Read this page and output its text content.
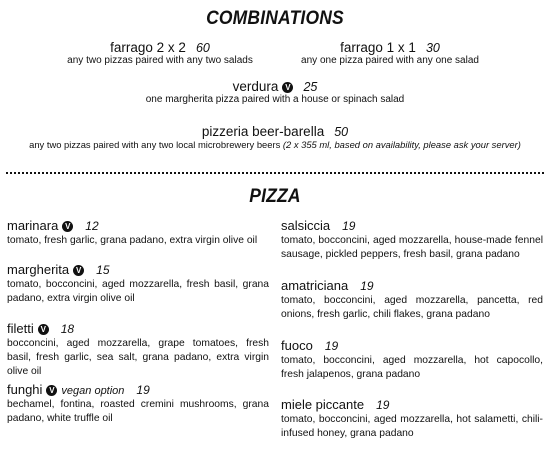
COMBINATIONS
farrago 2 x 2 60
any two pizzas paired with any two salads
farrago 1 x 1 30
any one pizza paired with any one salad
verdura V 25
one margherita pizza paired with a house or spinach salad
pizzeria beer-barella 50
any two pizzas paired with any two local microbrewery beers (2 x 355 ml, based on availability, please ask your server)
PIZZA
marinara V 12
tomato, fresh garlic, grana padano, extra virgin olive oil
margherita V 15
tomato, bocconcini, aged mozzarella, fresh basil, grana padano, extra virgin olive oil
filetti V 18
bocconcini, aged mozzarella, grape tomatoes, fresh basil, fresh garlic, sea salt, grana padano, extra virgin olive oil
funghi V vegan option 19
bechamel, fontina, roasted cremini mushrooms, grana padano, white truffle oil
salsiccia 19
tomato, bocconcini, aged mozzarella, house-made fennel sausage, pickled peppers, fresh basil, grana padano
amatriciana 19
tomato, bocconcini, aged mozzarella, pancetta, red onions, fresh garlic, chili flakes, grana padano
fuoco 19
tomato, bocconcini, aged mozzarella, hot capocollo, fresh jalapenos, grana padano
miele piccante 19
tomato, bocconcini, aged mozzarella, hot salametti, chili-infused honey, grana padano
